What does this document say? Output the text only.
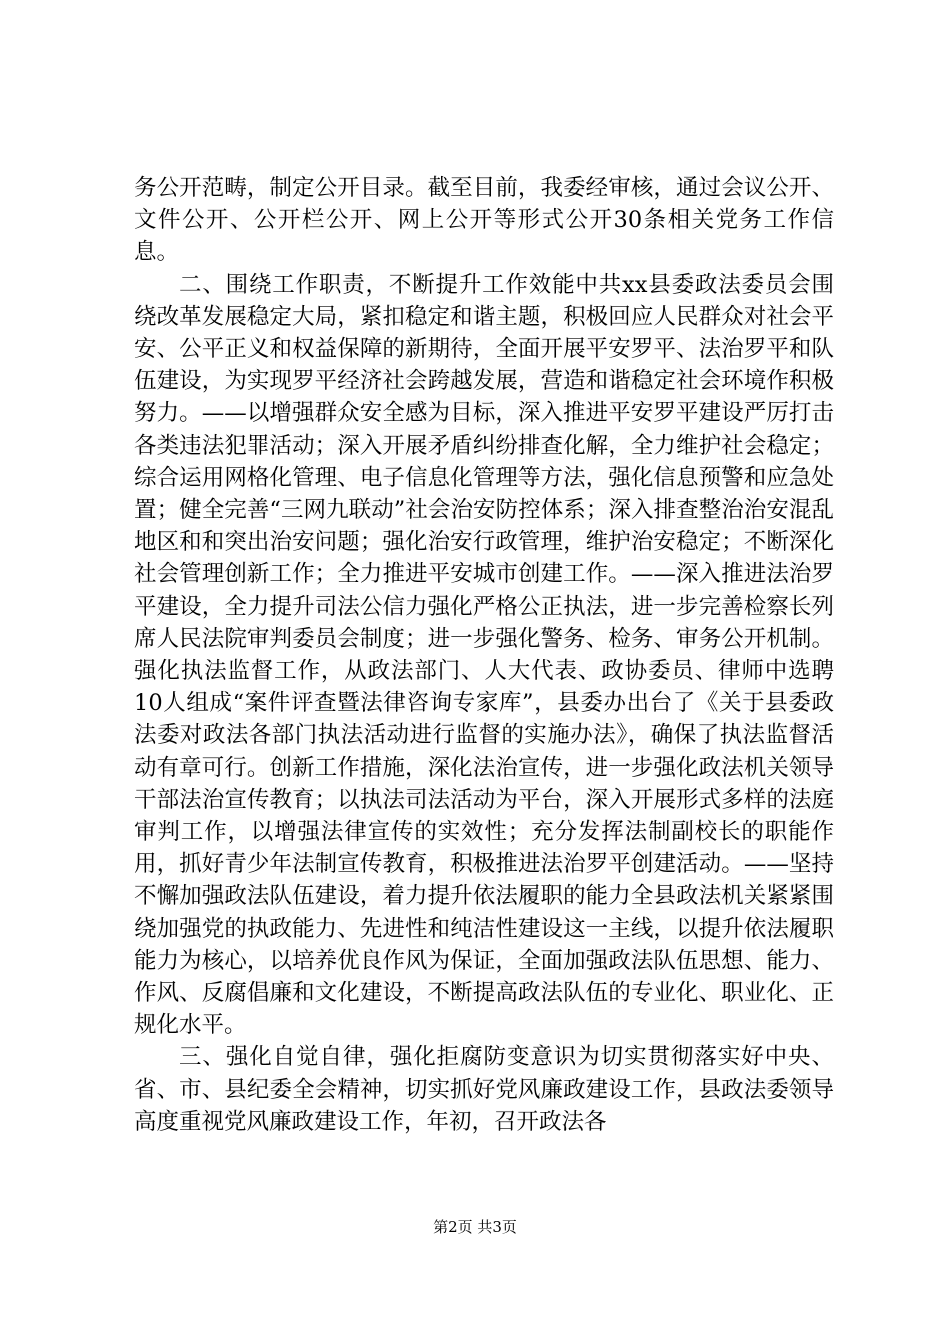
务公开范畴，制定公开目录。截至目前，我委经审核，通过会议公开、文件公开、公开栏公开、网上公开等形式公开30条相关党务工作信息。

二、围绕工作职责，不断提升工作效能中共xx县委政法委员会围绕改革发展稳定大局，紧扣稳定和谐主题，积极回应人民群众对社会平安、公平正义和权益保障的新期待，全面开展平安罗平、法治罗平和队伍建设，为实现罗平经济社会跨越发展，营造和谐稳定社会环境作积极努力。——以增强群众安全感为目标，深入推进平安罗平建设严厉打击各类违法犯罪活动；深入开展矛盾纠纷排查化解，全力维护社会稳定；综合运用网格化管理、电子信息化管理等方法，强化信息预警和应急处置；健全完善“三网九联动”社会治安防控体系；深入排查整治治安混乱地区和和突出治安问题；强化治安行政管理，维护治安稳定；不断深化社会管理创新工作；全力推进平安城市创建工作。——深入推进法治罗平建设，全力提升司法公信力强化严格公正执法，进一步完善检察长列席人民法院审判委员会制度；进一步强化警务、检务、审务公开机制。强化执法监督工作，从政法部门、人大代表、政协委员、律师中选聘10人组成“案件评查暨法律咨询专家库”，县委办出台了《关于县委政法委对政法各部门执法活动进行监督的实施办法》，确保了执法监督活动有章可行。创新工作措施，深化法治宣传，进一步强化政法机关领导干部法治宣传教育；以执法司法活动为平台，深入开展形式多样的法庭审判工作，以增强法律宣传的实效性；充分发挥法制副校长的职能作用，抓好青少年法制宣传教育，积极推进法治罗平创建活动。——坚持不懈加强政法队伍建设，着力提升依法履职的能力全县政法机关紧紧围绕加强党的执政能力、先进性和纯洁性建设这一主线，以提升依法履职能力为核心，以培养优良作风为保证，全面加强政法队伍思想、能力、作风、反腐倡廉和文化建设，不断提高政法队伍的专业化、职业化、正规化水平。

三、强化自觉自律，强化拒腐防变意识为切实贯彻落实好中央、省、市、县纪委全会精神，切实抓好党风廉政建设工作，县政法委领导高度重视党风廉政建设工作，年初，召开政法各

第2页 共3页
